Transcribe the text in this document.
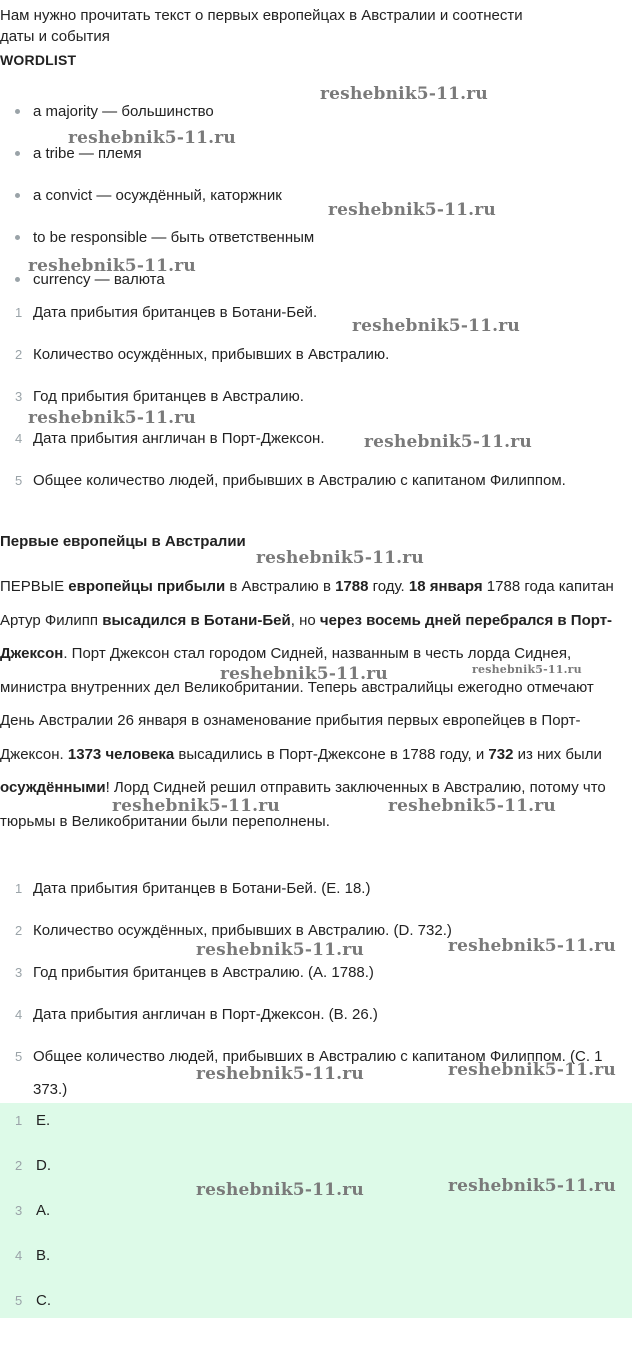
Нам нужно прочитать текст о первых европейцах в Австралии и соотнести
даты и события
WORDLIST
a majority — большинство
a tribe — племя
a convict — осуждённый, каторжник
to be responsible — быть ответственным
currency — валюта
1 Дата прибытия британцев в Ботани-Бей.
2 Количество осуждённых, прибывших в Австралию.
3 Год прибытия британцев в Австралию.
4 Дата прибытия англичан в Порт-Джексон.
5 Общее количество людей, прибывших в Австралию с капитаном Филиппом.
Первые европейцы в Австралии

ПЕРВЫЕ европейцы прибыли в Австралию в 1788 году. 18 января 1788 года капитан Артур Филипп высадился в Ботани-Бей, но через восемь дней перебрался в Порт-Джексон. Порт Джексон стал городом Сидней, названным в честь лорда Сиднея, министра внутренних дел Великобритании. Теперь австралийцы ежегодно отмечают День Австралии 26 января в ознаменование прибытия первых европейцев в Порт-Джексон. 1373 человека высадились в Порт-Джексоне в 1788 году, и 732 из них были осуждёнными! Лорд Сидней решил отправить заключенных в Австралию, потому что тюрьмы в Великобритании были переполнены.

1 Дата прибытия британцев в Ботани-Бей. (E. 18.)
2 Количество осуждённых, прибывших в Австралию. (D. 732.)
3 Год прибытия британцев в Австралию. (A. 1788.)
4 Дата прибытия англичан в Порт-Джексон. (B. 26.)
5 Общее количество людей, прибывших в Австралию с капитаном Филиппом. (C. 1 373.)
1 E.
2 D.
3 A.
4 B.
5 C.
reshebnik5-11.ru
reshebnik5-11.ru
reshebnik5-11.ru
reshebnik5-11.ru
reshebnik5-11.ru
reshebnik5-11.ru
reshebnik5-11.ru
reshebnik5-11.ru
reshebnik5-11.ru	reshebnik5-11.ru
reshebnik5-11.ru	reshebnik5-11.ru
reshebnik5-11.ru	reshebnik5-11.ru
reshebnik5-11.ru	reshebnik5-11.ru
reshebnik5-11.ru	reshebnik5-11.ru
